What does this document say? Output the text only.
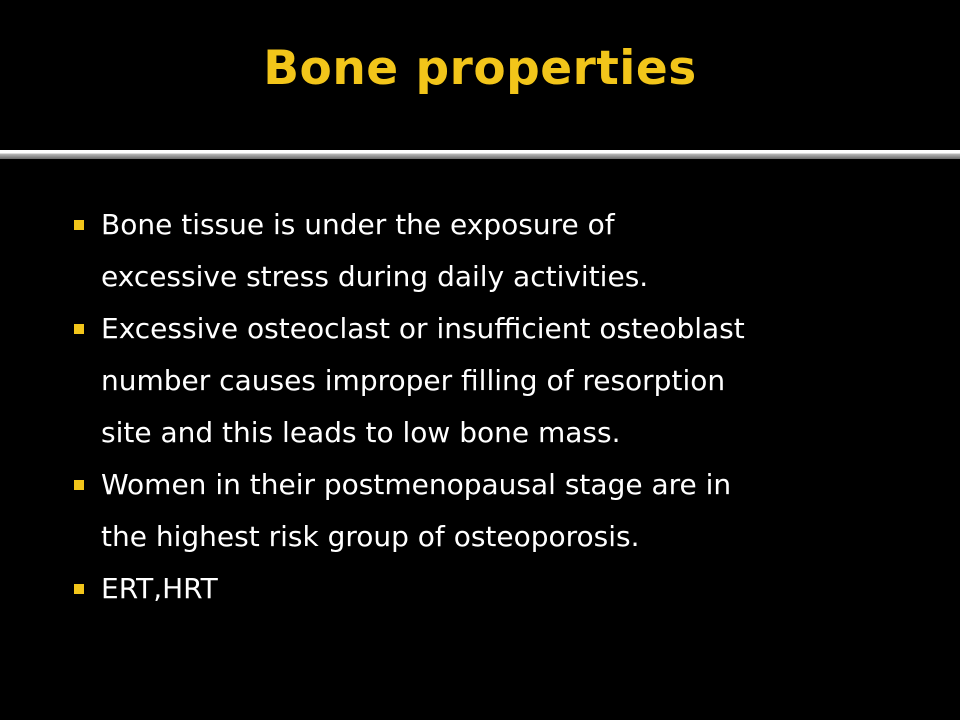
Bone properties
Bone tissue is under the exposure of
excessive stress during daily activities.
Excessive osteoclast or insufficient osteoblast
number causes improper filling of resorption
site and this leads to low bone mass.
Women in their postmenopausal stage are in
the highest risk group of osteoporosis.
ERT,HRT
